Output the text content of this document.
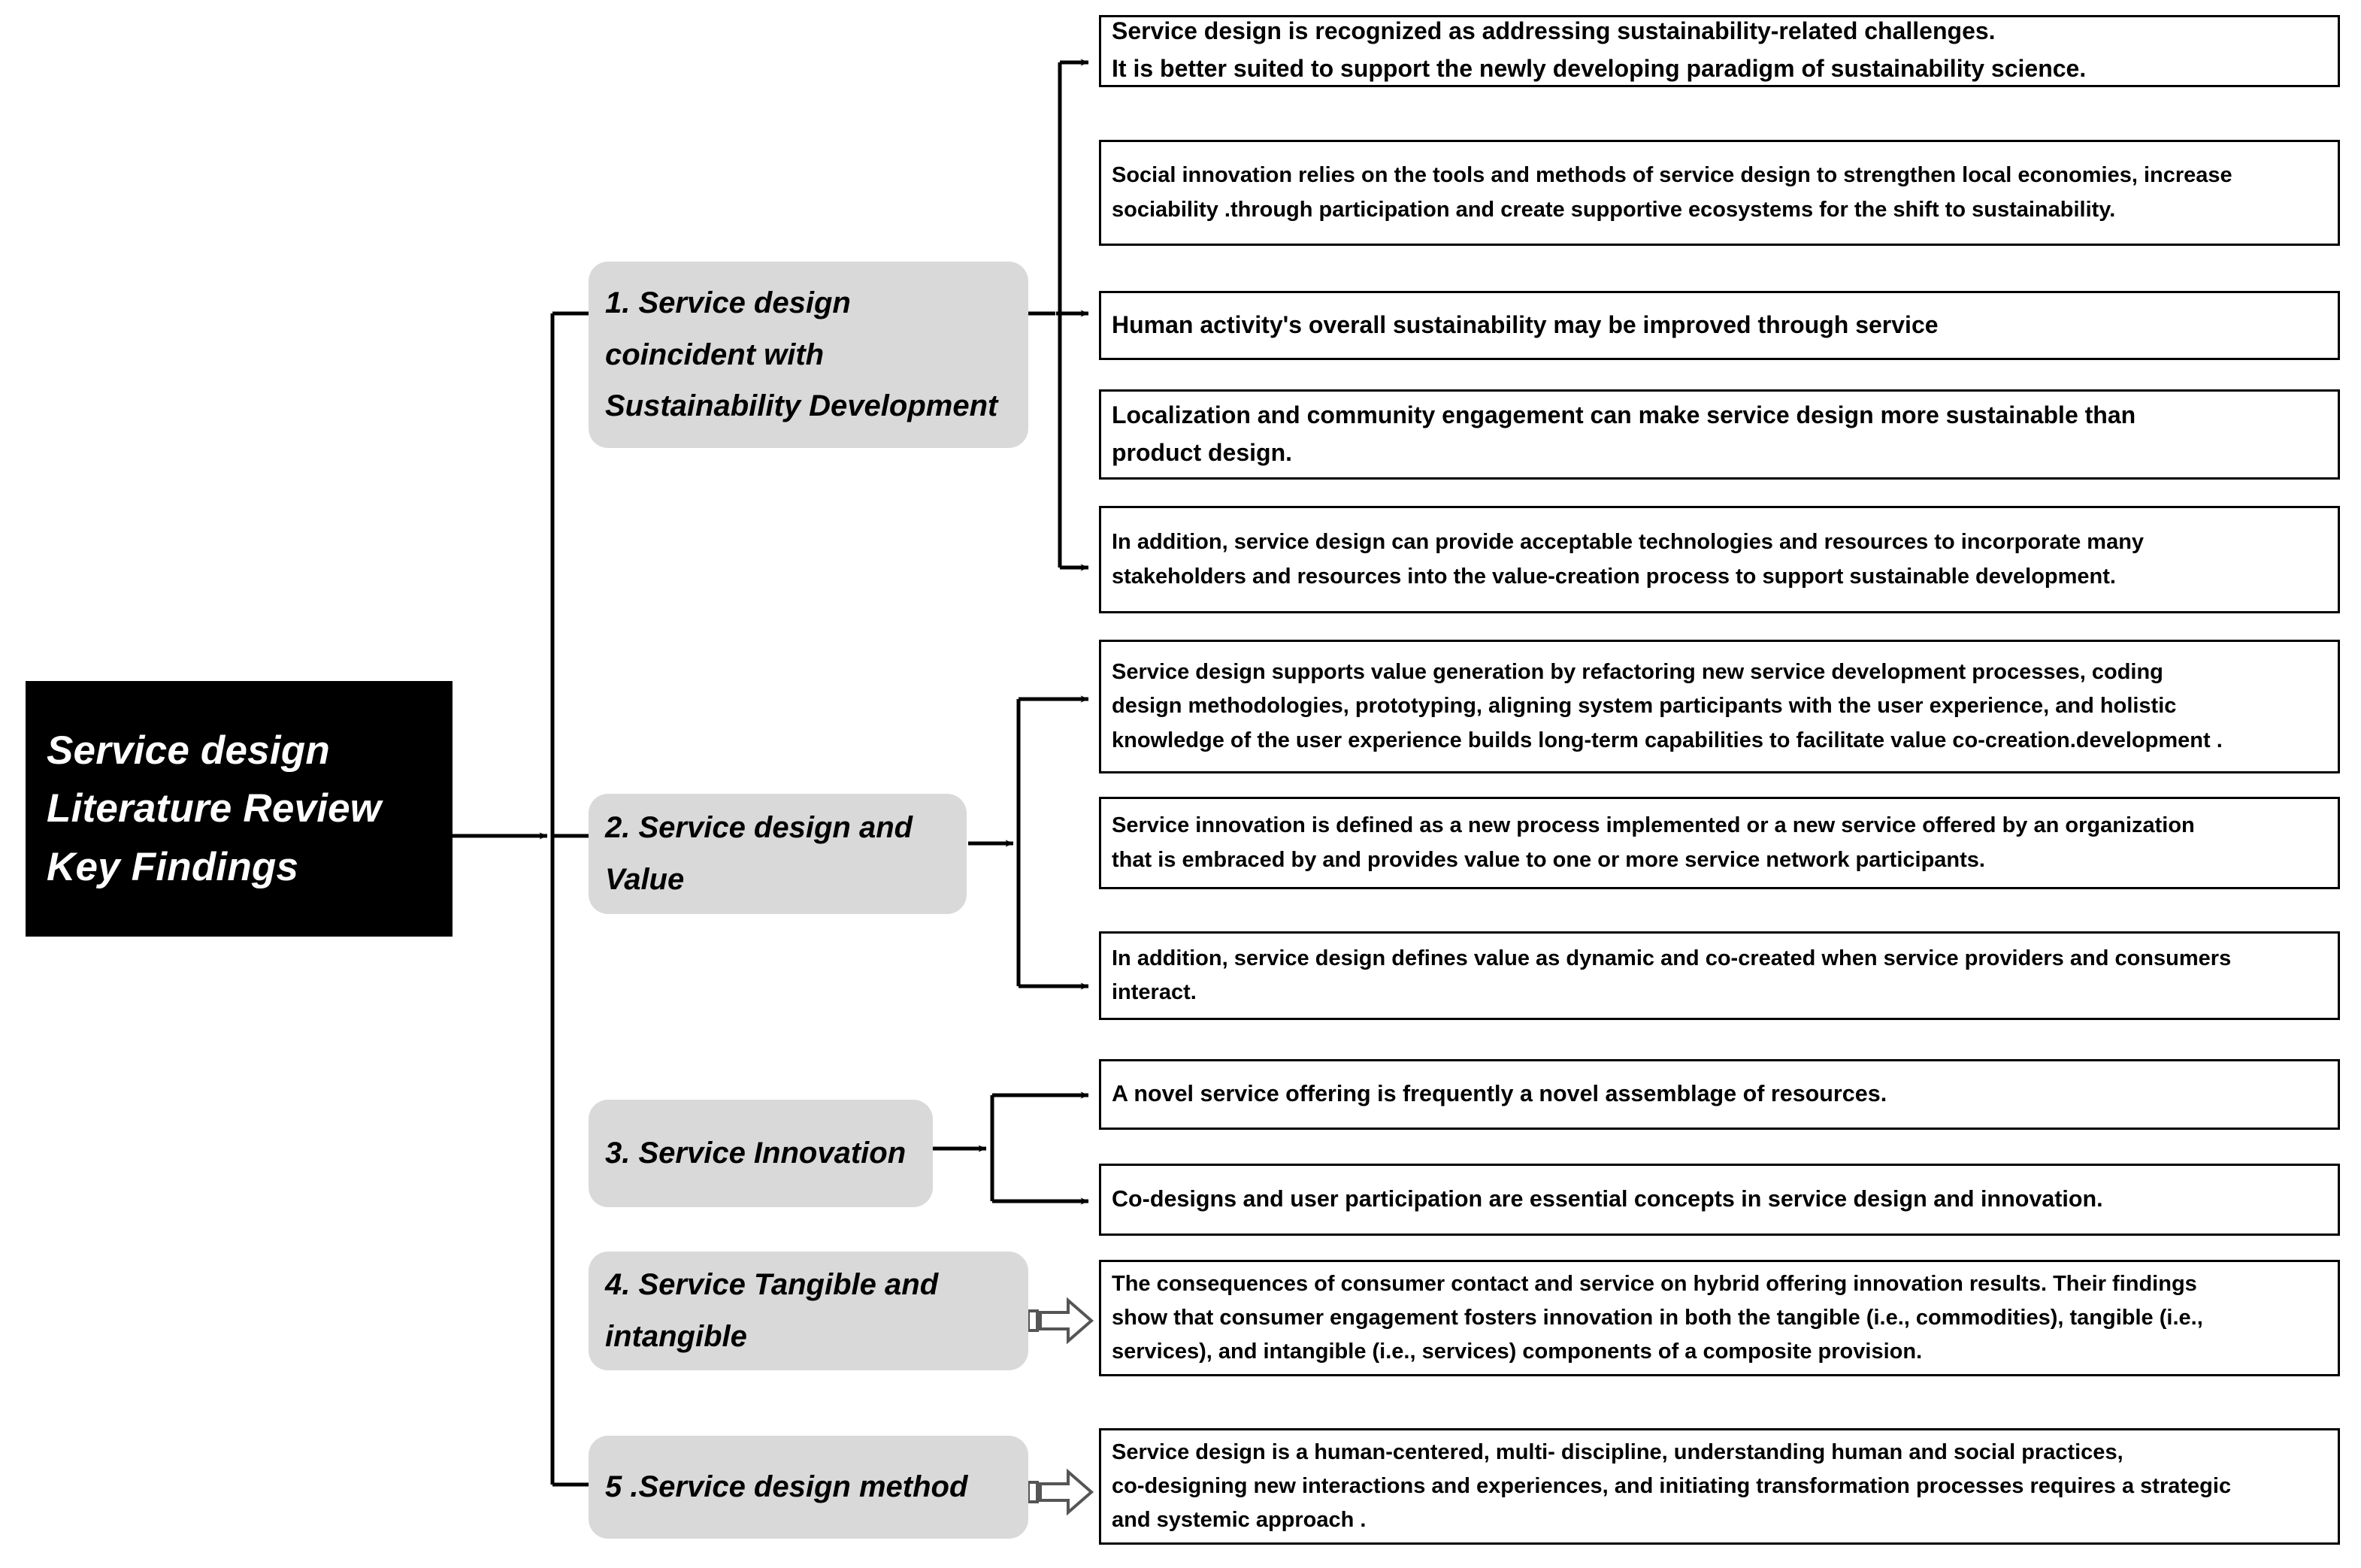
Service design
Literature Review
Key Findings
1. Service design
coincident with
Sustainability Development
2. Service design and
Value
3. Service Innovation
4. Service Tangible and
intangible
5 .Service design method
Service design is recognized as addressing sustainability-related challenges.
It is better suited to support the newly developing paradigm of sustainability science.
Social innovation relies on the tools and methods of service design to strengthen local economies, increase
sociability .through participation and create supportive ecosystems for the shift to sustainability.
Human activity's overall sustainability may be improved through service
Localization and community engagement can make service design more sustainable than
product design.
In addition, service design can provide acceptable technologies and resources to incorporate many
stakeholders and resources into the value-creation process to support sustainable development.
Service design supports value generation by refactoring new service development processes, coding
design methodologies, prototyping, aligning system participants with the user experience, and holistic
knowledge of the user experience builds long-term capabilities to facilitate value co-creation.development .
Service innovation is defined as a new process implemented or a new service offered by an organization
that is embraced by and provides value to one or more service network participants.
In addition, service design defines value as dynamic and co-created when service providers and consumers
interact.
A novel service offering is frequently a novel assemblage of resources.
Co-designs and user participation are essential concepts in service design and innovation.
The consequences of consumer contact and service on hybrid offering innovation results. Their findings
show that consumer engagement fosters innovation in both the tangible (i.e., commodities), tangible (i.e.,
services), and intangible (i.e., services) components of a composite provision.
Service design is a human-centered, multi- discipline, understanding human and social practices,
co-designing new interactions and experiences, and initiating transformation processes requires a strategic
and systemic approach .
